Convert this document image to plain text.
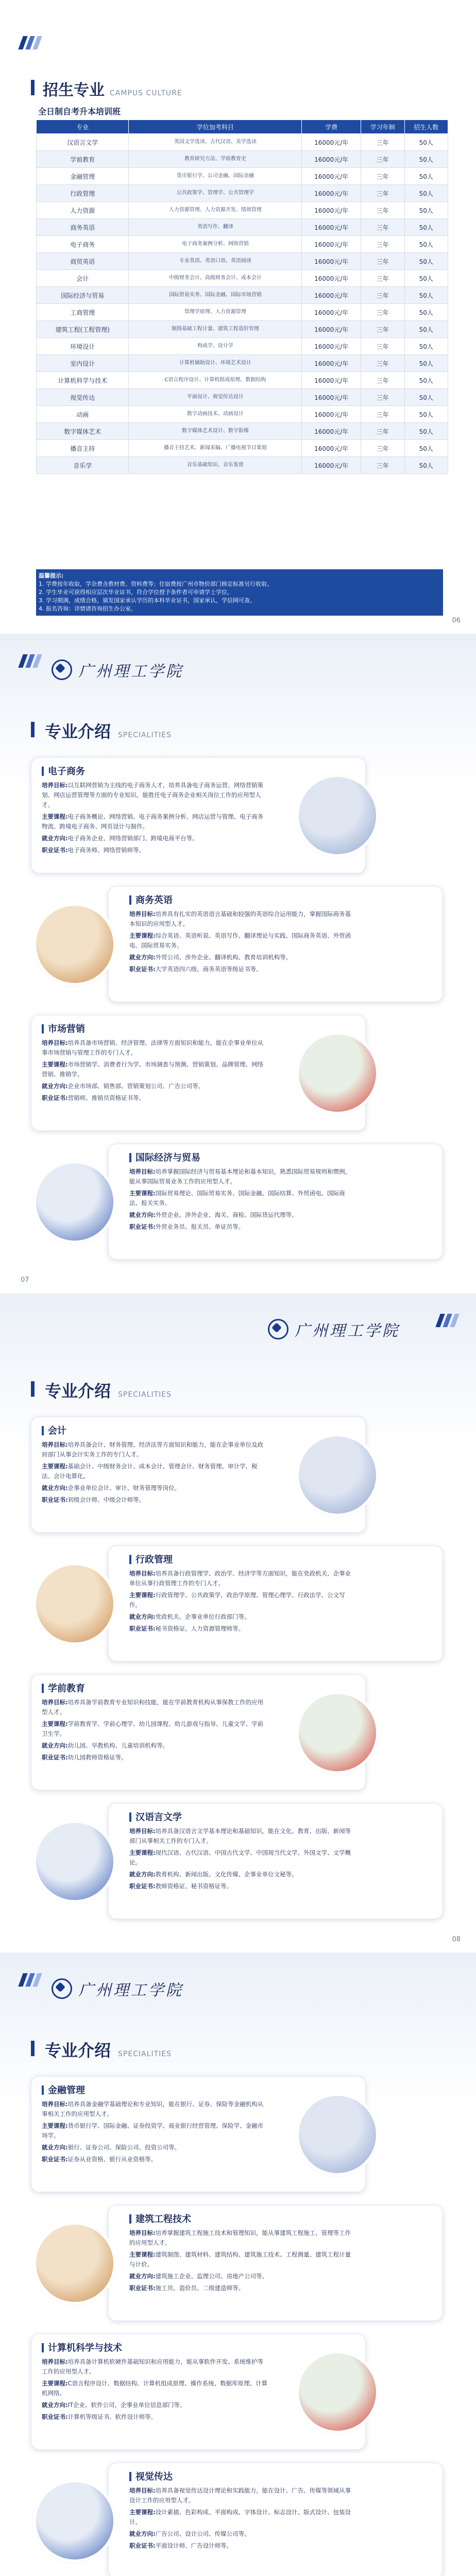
招生专业 CAMPUS CULTURE
全日制自考升本培训班
专业	学位加考科目	学费	学习年制	招生人数
汉语言文学	英国文学选读、古代汉语、美学选读	16000元/年	三年	50人
学前教育	教育研究方法、学前教育史	16000元/年	三年	50人
金融管理	货币银行学、公司金融、国际金融	16000元/年	三年	50人
行政管理	公共政策学、管理学、公共管理学	16000元/年	三年	50人
人力资源	人力资源管理、人力资源开发、绩效管理	16000元/年	三年	50人
商务英语	英语写作、翻译	16000元/年	三年	50人
电子商务	电子商务案例分析、网络营销	16000元/年	三年	50人
商贸英语	专业英语、英语口语、英语阅读	16000元/年	三年	50人
会计	中级财务会计、高级财务会计、成本会计	16000元/年	三年	50人
国际经济与贸易	国际贸易实务、国际金融、国际市场营销	16000元/年	三年	50人
工商管理	管理学原理、人力资源管理	16000元/年	三年	50人
建筑工程(工程管理)	制图基础工程计量、建筑工程造价管理	16000元/年	三年	50人
环境设计	构成学、设计学	16000元/年	三年	50人
室内设计	计算机辅助设计、环境艺术设计	16000元/年	三年	50人
计算机科学与技术	C语言程序设计、计算机组成原理、数据结构	16000元/年	三年	50人
视觉传达	平面设计、视觉传达设计	16000元/年	三年	50人
动画	数字动画技术、动画设计	16000元/年	三年	50人
数字媒体艺术	数字媒体艺术设计、数字影像	16000元/年	三年	50人
播音主持	播音主持艺术、新闻采编、广播电视节目策划	16000元/年	三年	50人
音乐学	音乐基础知识、音乐鉴赏	16000元/年	三年	50人
温馨提示:
1. 学费按年收取，学杂费含教材费、资料费等；住宿费按广州市物价部门核定标准另行收取。
2. 学生毕业可获得相应层次毕业证书，符合学位授予条件者可申请学士学位。
3. 学习期满，成绩合格，颁发国家承认学历的本科毕业证书，国家承认，学信网可查。
4. 报名咨询：详情请咨询招生办公室。
06
广州理工学院
专业介绍 SPECIALITIES
电子商务

培养目标:以互联网营销为主线的电子商务人才，培养具备电子商务运营、网络营销策划、网店运营管理等方面的专业知识，能胜任电子商务企业相关岗位工作的应用型人才。

主要课程:电子商务概论、网络营销、电子商务案例分析、网店运营与管理、电子商务物流、跨境电子商务、网页设计与制作。

就业方向:电子商务企业、网络营销部门、跨境电商平台等。

职业证书:电子商务师、网络营销师等。

商务英语

培养目标:培养具有扎实的英语语言基础和较强的英语综合运用能力，掌握国际商务基本知识的应用型人才。

主要课程:综合英语、英语听说、英语写作、翻译理论与实践、国际商务英语、外贸函电、国际贸易实务。

就业方向:外贸公司、涉外企业、翻译机构、教育培训机构等。

职业证书:大学英语四六级、商务英语等级证书等。

市场营销

培养目标:培养具备市场营销、经济管理、法律等方面知识和能力，能在企事业单位从事市场营销与管理工作的专门人才。

主要课程:市场营销学、消费者行为学、市场调查与预测、营销策划、品牌管理、网络营销、推销学。

就业方向:企业市场部、销售部、营销策划公司、广告公司等。

职业证书:营销师、推销员资格证书等。

国际经济与贸易

培养目标:培养掌握国际经济与贸易基本理论和基本知识，熟悉国际贸易规则和惯例，能从事国际贸易业务工作的应用型人才。

主要课程:国际贸易理论、国际贸易实务、国际金融、国际结算、外贸函电、国际商法、报关实务。

就业方向:外贸企业、涉外企业、海关、商检、国际货运代理等。

职业证书:外贸业务员、报关员、单证员等。

07
广州理工学院
专业介绍 SPECIALITIES
会计

培养目标:培养具备会计、财务管理、经济法等方面知识和能力，能在企事业单位及政府部门从事会计实务工作的专门人才。

主要课程:基础会计、中级财务会计、成本会计、管理会计、财务管理、审计学、税法、会计电算化。

就业方向:企事业单位会计、审计、财务管理等岗位。

职业证书:初级会计师、中级会计师等。

行政管理

培养目标:培养具备行政管理学、政治学、经济学等方面知识，能在党政机关、企事业单位从事行政管理工作的专门人才。

主要课程:行政管理学、公共政策学、政治学原理、管理心理学、行政法学、公文写作。

就业方向:党政机关、企事业单位行政部门等。

职业证书:秘书资格证、人力资源管理师等。

学前教育

培养目标:培养具备学前教育专业知识和技能，能在学前教育机构从事保教工作的应用型人才。

主要课程:学前教育学、学前心理学、幼儿园课程、幼儿游戏与指导、儿童文学、学前卫生学。

就业方向:幼儿园、早教机构、儿童培训机构等。

职业证书:幼儿园教师资格证等。

汉语言文学

培养目标:培养具备汉语言文学基本理论和基础知识，能在文化、教育、出版、新闻等部门从事相关工作的专门人才。

主要课程:现代汉语、古代汉语、中国古代文学、中国现当代文学、外国文学、文学概论。

就业方向:教育机构、新闻出版、文化传媒、企事业单位文秘等。

职业证书:教师资格证、秘书资格证等。

08
广州理工学院
专业介绍 SPECIALITIES
金融管理

培养目标:培养具备金融学基础理论和专业知识，能在银行、证券、保险等金融机构从事相关工作的应用型人才。

主要课程:货币银行学、国际金融、证券投资学、商业银行经营管理、保险学、金融市场学。

就业方向:银行、证券公司、保险公司、投资公司等。

职业证书:证券从业资格、银行从业资格等。

建筑工程技术

培养目标:培养掌握建筑工程施工技术和管理知识，能从事建筑工程施工、管理等工作的应用型人才。

主要课程:建筑制图、建筑材料、建筑结构、建筑施工技术、工程测量、建筑工程计量与计价。

就业方向:建筑施工企业、监理公司、房地产公司等。

职业证书:施工员、造价员、二级建造师等。

计算机科学与技术

培养目标:培养具备计算机软硬件基础知识和应用能力，能从事软件开发、系统维护等工作的应用型人才。

主要课程:C语言程序设计、数据结构、计算机组成原理、操作系统、数据库原理、计算机网络。

就业方向:IT企业、软件公司、企事业单位信息部门等。

职业证书:计算机等级证书、软件设计师等。

视觉传达

培养目标:培养具备视觉传达设计理论和实践能力，能在设计、广告、传媒等领域从事设计工作的应用型人才。

主要课程:设计素描、色彩构成、平面构成、字体设计、标志设计、版式设计、包装设计。

就业方向:广告公司、设计公司、传媒公司等。

职业证书:平面设计师、广告设计师等。
